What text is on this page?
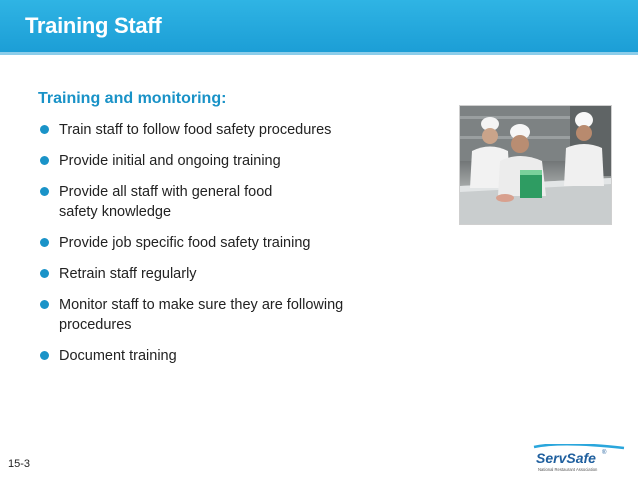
Training Staff
Training and monitoring:
Train staff to follow food safety procedures
Provide initial and ongoing training
Provide all staff with general food safety knowledge
Provide job specific food safety training
Retrain staff regularly
Monitor staff to make sure they are following procedures
Document training
15-3	ServSafe ®
National Restaurant Association
